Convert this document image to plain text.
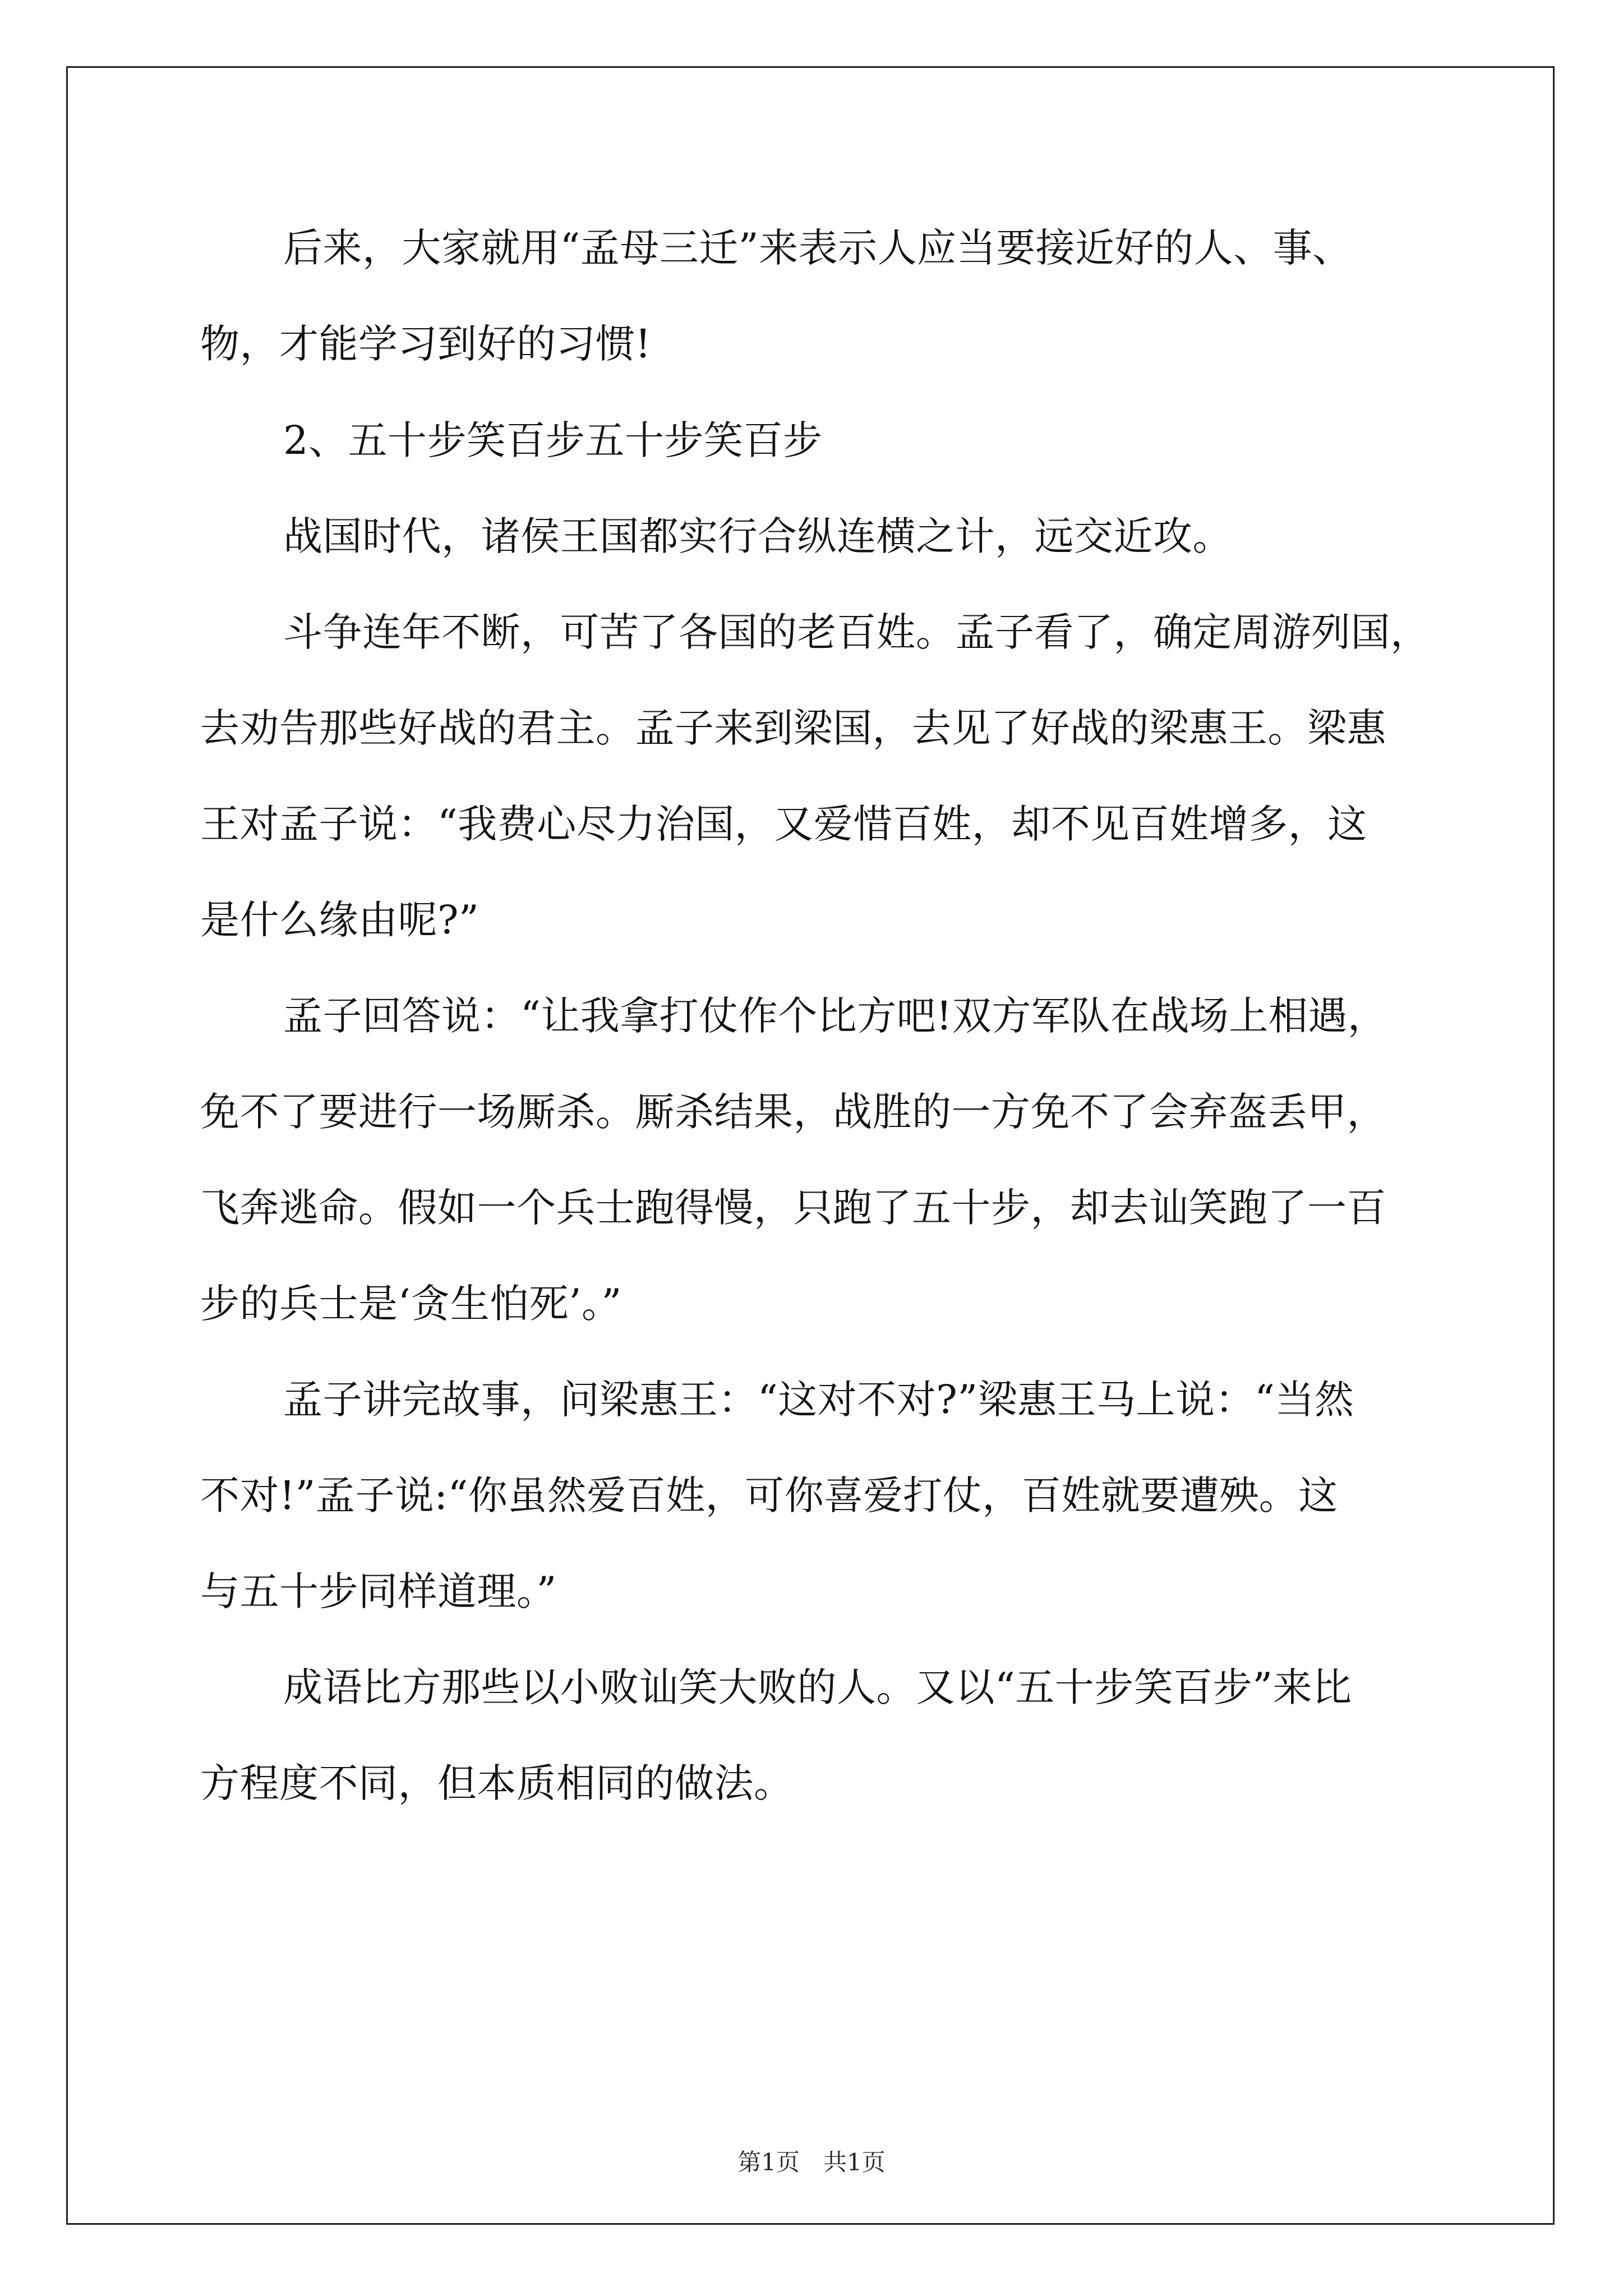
后来，大家就用“孟母三迁”来表示人应当要接近好的人、事、
物，才能学习到好的习惯!
2、五十步笑百步五十步笑百步
战国时代，诸侯王国都实行合纵连横之计，远交近攻。
斗争连年不断，可苦了各国的老百姓。孟子看了，确定周游列国，
去劝告那些好战的君主。孟子来到梁国，去见了好战的梁惠王。梁惠
王对孟子说：“我费心尽力治国，又爱惜百姓，却不见百姓增多，这
是什么缘由呢?”
孟子回答说：“让我拿打仗作个比方吧!双方军队在战场上相遇，
免不了要进行一场厮杀。厮杀结果，战胜的一方免不了会弃盔丢甲，
飞奔逃命。假如一个兵士跑得慢，只跑了五十步，却去讪笑跑了一百
步的兵士是‘贪生怕死’。”
孟子讲完故事，问梁惠王：“这对不对?”梁惠王马上说：“当然
不对!”孟子说:“你虽然爱百姓，可你喜爱打仗，百姓就要遭殃。这
与五十步同样道理。”
成语比方那些以小败讪笑大败的人。又以“五十步笑百步”来比
方程度不同，但本质相同的做法。
第1页　共1页
